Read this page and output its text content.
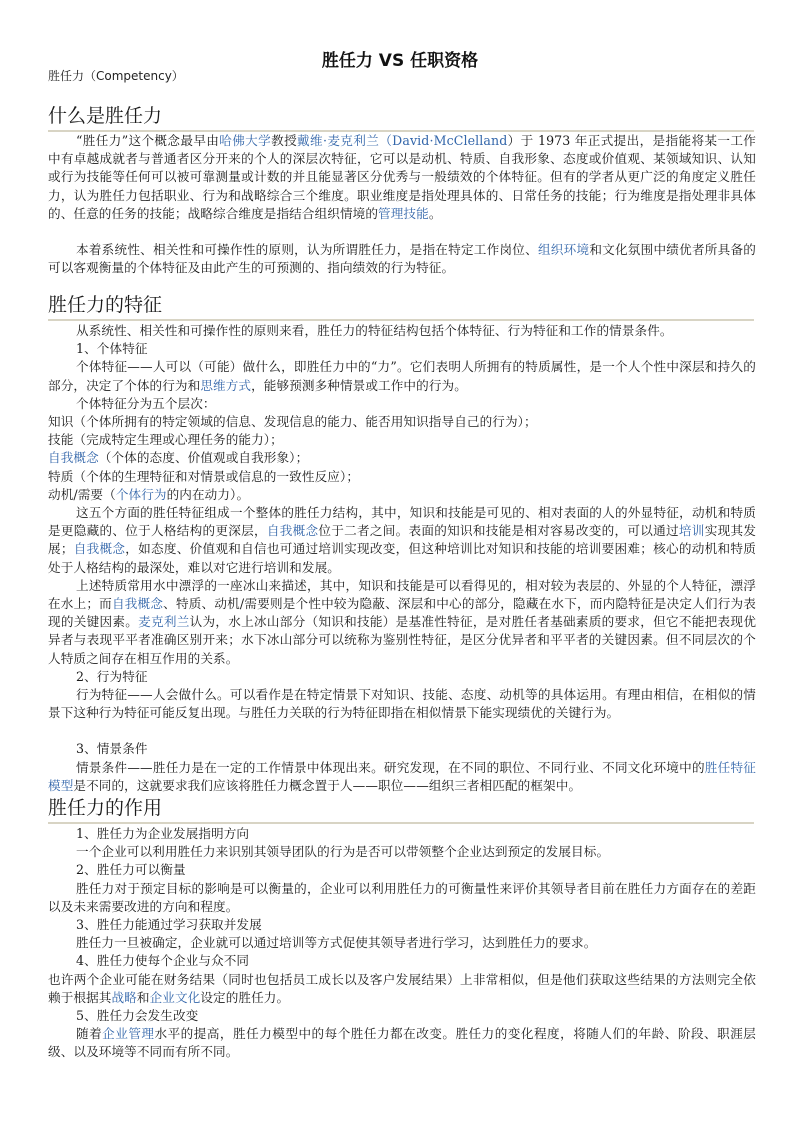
胜任力 VS 任职资格
胜任力（Competency）
什么是胜任力

“胜任力”这个概念最早由哈佛大学教授戴维·麦克利兰（David·McClelland）于 1973 年正式提出，是指能将某一工作中有卓越成就者与普通者区分开来的个人的深层次特征，它可以是动机、特质、自我形象、态度或价值观、某领域知识、认知或行为技能等任何可以被可靠测量或计数的并且能显著区分优秀与一般绩效的个体特征。但有的学者从更广泛的角度定义胜任力，认为胜任力包括职业、行为和战略综合三个维度。职业维度是指处理具体的、日常任务的技能；行为维度是指处理非具体的、任意的任务的技能；战略综合维度是指结合组织情境的管理技能。

本着系统性、相关性和可操作性的原则，认为所谓胜任力，是指在特定工作岗位、组织环境和文化氛围中绩优者所具备的可以客观衡量的个体特征及由此产生的可预测的、指向绩效的行为特征。

胜任力的特征

从系统性、相关性和可操作性的原则来看，胜任力的特征结构包括个体特征、行为特征和工作的情景条件。

1、个体特征

个体特征——人可以（可能）做什么，即胜任力中的“力”。它们表明人所拥有的特质属性，是一个人个性中深层和持久的部分，决定了个体的行为和思维方式，能够预测多种情景或工作中的行为。

个体特征分为五个层次：

知识（个体所拥有的特定领域的信息、发现信息的能力、能否用知识指导自己的行为）；

技能（完成特定生理或心理任务的能力）；

自我概念（个体的态度、价值观或自我形象）；

特质（个体的生理特征和对情景或信息的一致性反应）；

动机/需要（个体行为的内在动力）。

这五个方面的胜任特征组成一个整体的胜任力结构，其中，知识和技能是可见的、相对表面的人的外显特征，动机和特质是更隐藏的、位于人格结构的更深层，自我概念位于二者之间。表面的知识和技能是相对容易改变的，可以通过培训实现其发展；自我概念，如态度、价值观和自信也可通过培训实现改变，但这种培训比对知识和技能的培训要困难；核心的动机和特质处于人格结构的最深处，难以对它进行培训和发展。

上述特质常用水中漂浮的一座冰山来描述，其中，知识和技能是可以看得见的，相对较为表层的、外显的个人特征，漂浮在水上；而自我概念、特质、动机/需要则是个性中较为隐蔽、深层和中心的部分，隐藏在水下，而内隐特征是决定人们行为表现的关键因素。麦克利兰认为，水上冰山部分（知识和技能）是基准性特征，是对胜任者基础素质的要求，但它不能把表现优异者与表现平平者准确区别开来；水下冰山部分可以统称为鉴别性特征，是区分优异者和平平者的关键因素。但不同层次的个人特质之间存在相互作用的关系。

2、行为特征

行为特征——人会做什么。可以看作是在特定情景下对知识、技能、态度、动机等的具体运用。有理由相信，在相似的情景下这种行为特征可能反复出现。与胜任力关联的行为特征即指在相似情景下能实现绩优的关键行为。

3、情景条件

情景条件——胜任力是在一定的工作情景中体现出来。研究发现，在不同的职位、不同行业、不同文化环境中的胜任特征模型是不同的，这就要求我们应该将胜任力概念置于人——职位——组织三者相匹配的框架中。

胜任力的作用

1、胜任力为企业发展指明方向

一个企业可以利用胜任力来识别其领导团队的行为是否可以带领整个企业达到预定的发展目标。

2、胜任力可以衡量

胜任力对于预定目标的影响是可以衡量的，企业可以利用胜任力的可衡量性来评价其领导者目前在胜任力方面存在的差距以及未来需要改进的方向和程度。

3、胜任力能通过学习获取并发展

胜任力一旦被确定，企业就可以通过培训等方式促使其领导者进行学习，达到胜任力的要求。

4、胜任力使每个企业与众不同

也许两个企业可能在财务结果（同时也包括员工成长以及客户发展结果）上非常相似，但是他们获取这些结果的方法则完全依赖于根据其战略和企业文化设定的胜任力。

5、胜任力会发生改变

随着企业管理水平的提高，胜任力模型中的每个胜任力都在改变。胜任力的变化程度，将随人们的年龄、阶段、职涯层级、以及环境等不同而有所不同。
